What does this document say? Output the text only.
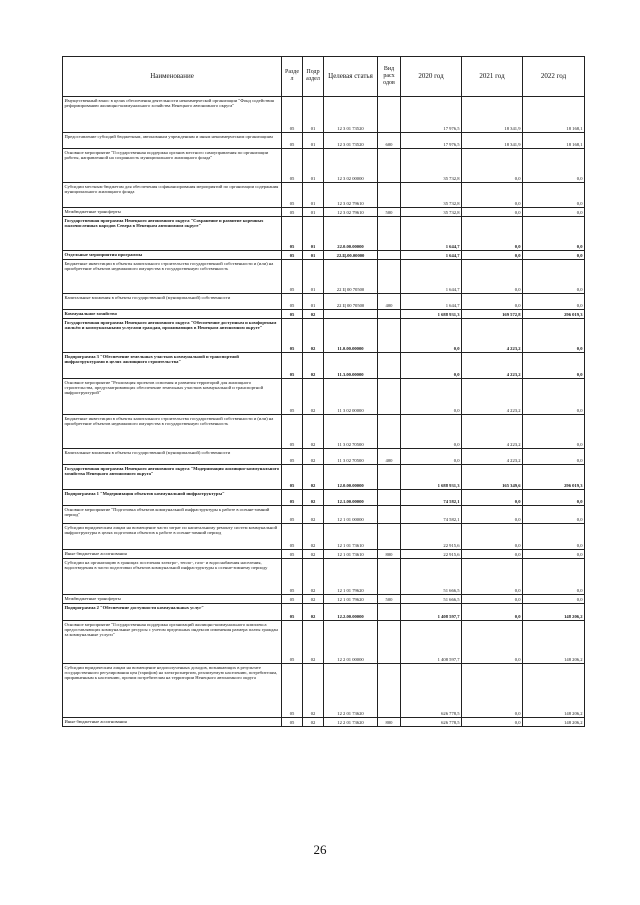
Наименование	Разде л	Подр аздел	Целевая статья	Вид расх одов	2020 год	2021 год	2022 год
Имущественный взнос в целях обеспечения деятельности некоммерческой организации "Фонд содействия реформированию жилищно-коммунального хозяйства Ненецкого автономного округа"	05	01	12 3 01 73520		17 976,5	18 341,9	18 168,1
Предоставление субсидий бюджетным, автономным учреждениям и иным некоммерческим организациям	05	01	12 3 01 73520	600	17 976,5	18 341,9	18 168,1
Основное мероприятие "Государственная поддержка органов местного самоуправления по организации работы, направленной на сохранность муниципального жилищного фонда"	05	01	12 3 02 00000		35 732,8	0,0	0,0
Субсидии местным бюджетам для обеспечения софинансирования мероприятий по организации содержания муниципального жилищного фонда	05	01	12 3 02 79610		35 732,8	0,0	0,0
Межбюджетные трансферты	05	01	12 3 02 79610	500	35 732,8	0,0	0,0
Государственная программа Ненецкого автономного округа "Сохранение и развитие коренных малочисленных народов Севера в Ненецком автономном округе"	05	01	22.0.00.00000		1 644,7	0,0	0,0
Отдельные мероприятия программы	05	01	22.Ц.00.00000		1 644,7	0,0	0,0
Бюджетные инвестиции в объекты капитального строительства государственной собственности и (или) на приобретение объектов недвижимого имущества в государственную собственность	05	01	22 Ц 00 70500		1 644,7	0,0	0,0
Капитальные вложения в объекты государственной (муниципальной) собственности	05	01	22 Ц 00 70500	400	1 644,7	0,0	0,0
Коммунальное хозяйство	05	02			1 688 931,3	169 572,8	296 019,3
Государственная программа Ненецкого автономного округа "Обеспечение доступным и комфортным жильём и коммунальными услугами граждан, проживающих в Ненецком автономном округе"	05	02	11.0.00.00000		0,0	4 223,2	0,0
Подпрограмма 3 "Обеспечение земельных участков коммунальной и транспортной инфраструктурами в целях жилищного строительства"	05	02	11.3.00.00000		0,0	4 223,2	0,0
Основное мероприятие "Реализация проектов освоения и развития территорий для жилищного строительства, предусматривающих обеспечение земельных участков коммунальной и транспортной инфраструктурой"	05	02	11 3 02 00000		0,0	4 223,2	0,0
Бюджетные инвестиции в объекты капитального строительства государственной собственности и (или) на приобретение объектов недвижимого имущества в государственную собственность	05	02	11 3 02 70500		0,0	4 223,2	0,0
Капитальные вложения в объекты государственной (муниципальной) собственности	05	02	11 3 02 70500	400	0,0	4 223,2	0,0
Государственная программа Ненецкого автономного округа "Модернизация жилищно-коммунального хозяйства Ненецкого автономного округа"	05	02	12.0.00.00000		1 688 931,3	165 349,6	296 019,3
Подпрограмма 1 "Модернизация объектов коммунальной инфраструктуры"	05	02	12.1.00.00000		74 582,1	0,0	0,0
Основное мероприятие "Подготовка объектов коммунальной инфраструктуры к работе в осенне-зимний период"	05	02	12 1 01 00000		74 582,1	0,0	0,0
Субсидии юридическим лицам на возмещение части затрат по капитальному ремонту систем коммунальной инфраструктуры в целях подготовки объектов к работе в осенне-зимний период	05	02	12 1 01 73610		22 915,6	0,0	0,0
Иные бюджетные ассигнования	05	02	12 1 01 73610	800	22 915,6	0,0	0,0
Субсидии на организацию в границах поселения электро-, тепло-, газо- и водоснабжения населения, водоотведения в части подготовки объектов коммунальной инфраструктуры к осенне-зимнему периоду	05	02	12 1 01 79620		51 666,5	0,0	0,0
Межбюджетные трансферты	05	02	12 1 01 79620	500	51 666,5	0,0	0,0
Подпрограмма 2 "Обеспечение доступности коммунальных услуг"	05	02	12.2.00.00000		1 408 597,7	0,0	148 206,2
Основное мероприятие "Государственная поддержка организаций жилищно-коммунального комплекса предоставляющих коммунальные ресурсы с учетом предельных индексов изменения размера платы граждан за коммунальные услуги"	05	02	12 2 01 00000		1 408 597,7	0,0	148 206,2
Субсидии юридическим лицам на возмещение недополученных доходов, возникающих в результате государственного регулирования цен (тарифов) на электроэнергию, реализуемую населению, потребителям, приравненным к населению, прочим потребителям на территории Ненецкого автономного округа	05	02	12 2 01 73620		626 778,5	0,0	148 206,2
Иные бюджетные ассигнования	05	02	12 2 01 73620	800	626 778,5	0,0	148 206,2
26
